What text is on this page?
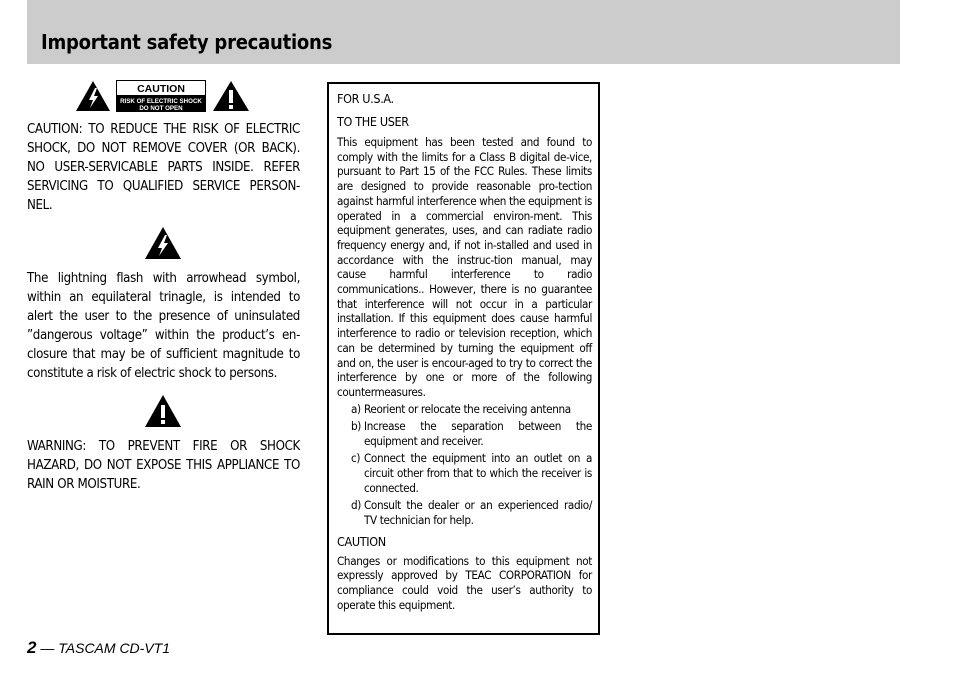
Important safety precautions
CAUTION
RISK OF ELECTRIC SHOCK
DO NOT OPEN

CAUTION: TO REDUCE THE RISK OF ELECTRIC SHOCK, DO NOT REMOVE COVER (OR BACK). NO USER-SERVICABLE PARTS INSIDE. REFER SERVICING TO QUALIFIED SERVICE PERSON-NEL.

The lightning flash with arrowhead symbol, within an equilateral trinagle, is intended to alert the user to the presence of uninsulated ”dangerous voltage” within the product’s en-closure that may be of sufficient magnitude to constitute a risk of electric shock to persons.

WARNING: TO PREVENT FIRE OR SHOCK HAZARD, DO NOT EXPOSE THIS APPLIANCE TO RAIN OR MOISTURE.

FOR U.S.A.

TO THE USER

This equipment has been tested and found to comply with the limits for a Class B digital de-vice, pursuant to Part 15 of the FCC Rules. These limits are designed to provide reasonable pro-tection against harmful interference when the equipment is operated in a commercial environ-ment. This equipment generates, uses, and can radiate radio frequency energy and, if not in-stalled and used in accordance with the instruc-tion manual, may cause harmful interference to radio communications.. However, there is no guarantee that interference will not occur in a particular installation. If this equipment does cause harmful interference to radio or television reception, which can be determined by turning the equipment off and on, the user is encour-aged to try to correct the interference by one or more of the following countermeasures.

a) Reorient or relocate the receiving antenna
b) Increase the separation between the equipment and receiver.
c) Connect the equipment into an outlet on a circuit other from that to which the receiver is connected.
d) Consult the dealer or an experienced radio/ TV technician for help.

CAUTION

Changes or modifications to this equipment not expressly approved by TEAC CORPORATION for compliance could void the user’s authority to operate this equipment.

2 — TASCAM CD-VT1
